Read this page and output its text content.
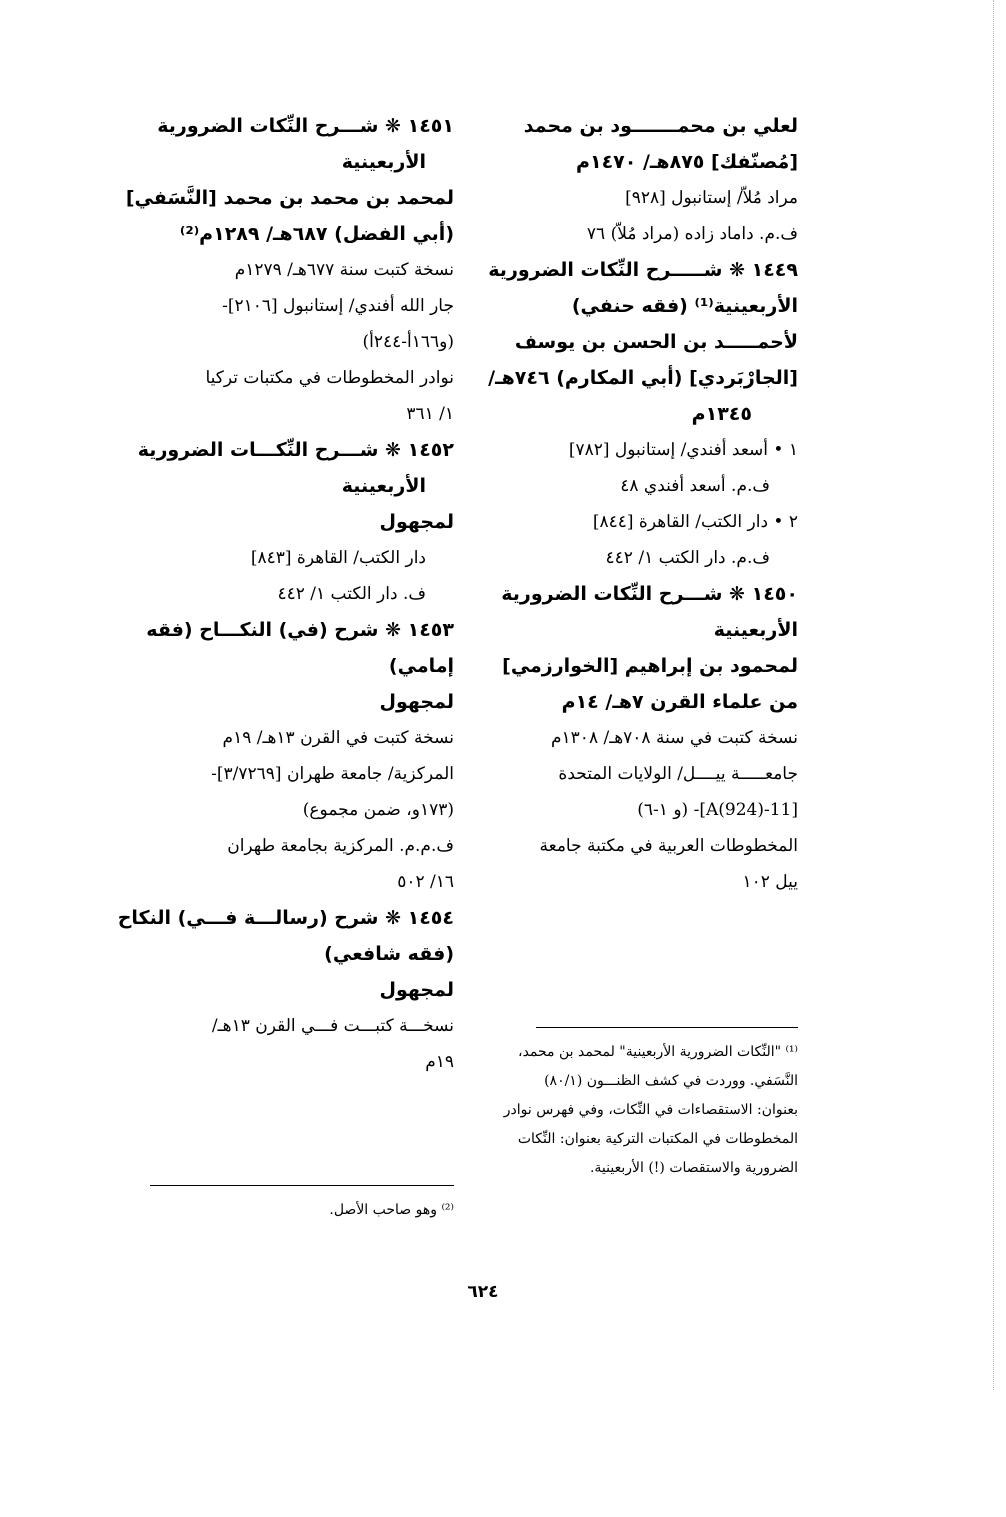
لعلي بن محمـــــــود بن محمد
[مُصنّفك] ٨٧٥هـ/ ١٤٧٠م
مراد مُلاّ/ إستانبول [٩٢٨]
ف.م. داماد زاده (مراد مُلاّ) ٧٦
١٤٤٩ ❋ شـــــرح النِّكات الضرورية
الأربعينية⁽¹⁾ (فقه حنفي)
لأحمـــــد بن الحسن بن يوسف
[الجارْبَردي] (أبي المكارم) ٧٤٦هـ/
١٣٤٥م
١ • أسعد أفندي/ إستانبول [٧٨٢]
ف.م. أسعد أفندي ٤٨
٢ • دار الكتب/ القاهرة [٨٤٤]
ف.م. دار الكتب ١/ ٤٤٢
١٤٥٠ ❋ شـــرح النِّكات الضرورية
الأربعينية
لمحمود بن إبراهيم [الخوارزمي]
من علماء القرن ٧هـ/ ١٤م
نسخة كتبت في سنة ٧٠٨هـ/ ١٣٠٨م
جامعـــــة ييــــل/ الولايات المتحدة
[11-A(924)]- (و ١-٦)
المخطوطات العربية في مكتبة جامعة
ييل ١٠٢
١٤٥١ ❋ شـــرح النِّكات الضرورية
الأربعينية
لمحمد بن محمد بن محمد [النَّسَفي]
(أبي الفضل) ٦٨٧هـ/ ١٢٨٩م⁽²⁾
نسخة كتبت سنة ٦٧٧هـ/ ١٢٧٩م
جار الله أفندي/ إستانبول [٢١٠٦]-
(و١٦٦أ-٢٤٤أ)
نوادر المخطوطات في مكتبات تركيا
١/ ٣٦١
١٤٥٢ ❋ شـــرح النِّكـــات الضرورية
الأربعينية
لمجهول
دار الكتب/ القاهرة [٨٤٣]
ف. دار الكتب ١/ ٤٤٢
١٤٥٣ ❋ شرح (في) النكـــاح (فقه
إمامي)
لمجهول
نسخة كتبت في القرن ١٣هـ/ ١٩م
المركزية/ جامعة طهران [٣/٧٢٦٩]-
(١٧٣و، ضمن مجموع)
ف.م.م. المركزية بجامعة طهران
١٦/ ٥٠٢
١٤٥٤ ❋ شرح (رسالـــة فـــي) النكاح
(فقه شافعي)
لمجهول
نسخـــة كتبـــت فـــي القرن ١٣هـ/
١٩م	⁽¹⁾ "النِّكات الضرورية الأربعينية" لمحمد بن محمد،
النَّسَفي. ووردت في كشف الظنـــون (٨٠/١)
بعنوان: الاستقصاءات في النِّكات، وفي فهرس نوادر
المخطوطات في المكتبات التركية بعنوان: النِّكات
الضرورية والاستقصات (!) الأربعينية.
⁽²⁾ وهو صاحب الأصل.
٦٢٤
